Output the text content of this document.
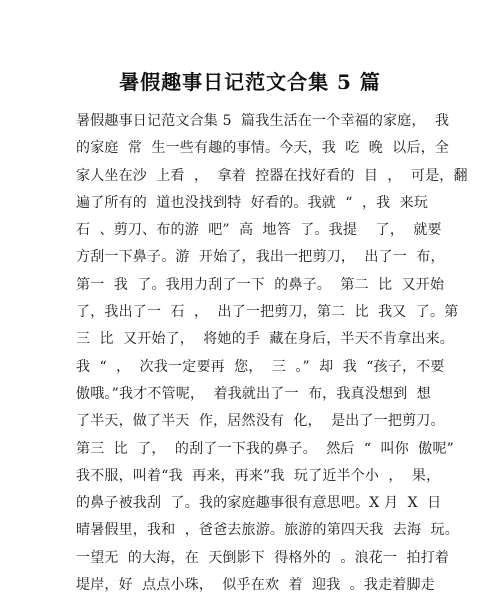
暑假趣事日记范文合集 5 篇
暑假趣事日记范文合集 5  篇我生活在一个幸福的家庭，  我
的家庭  常  生一些有趣的事情。今天，我  吃  晚  以后，全
家人坐在沙  上看  ，  拿着  控器在找好看的  目  ，  可是，翻
遍了所有的  道也没找到特  好看的。我就  “  ，我  来玩
石  、剪刀、布的游  吧”  高  地答  了。我提    了，  就要
方刮一下鼻子。游  开始了，我出一把剪刀，  出了一  布，
第一  我  了。我用力刮了一下  的鼻子。  第二  比  又开始
了，我出了一  石  ，  出了一把剪刀，第二  比  我又  了。第
三  比  又开始了，  将她的手  藏在身后，半天不肯拿出来。
我  “  ，  次我一定要再  您，  三  。”  却  我  “孩子，不要
傲哦。”我才不管呢，  着我就出了一  布，我真没想到  想
了半天，做了半天  作，居然没有  化，  是出了一把剪刀。
第三  比  了，  的刮了一下我的鼻子。  然后  “  叫你  傲呢”
我不服，叫着“我  再来，再来”我  玩了近半个小  ，  果，
的鼻子被我刮  了。我的家庭趣事很有意思吧。X 月  X  日
晴暑假里，我和  ，爸爸去旅游。旅游的第四天我  去海  玩。
一望无  的大海，在  天倒影下  得格外的  。浪花一  拍打着
堤岸，好  点点小珠，  似乎在欢  着  迎我  。我走着脚走
